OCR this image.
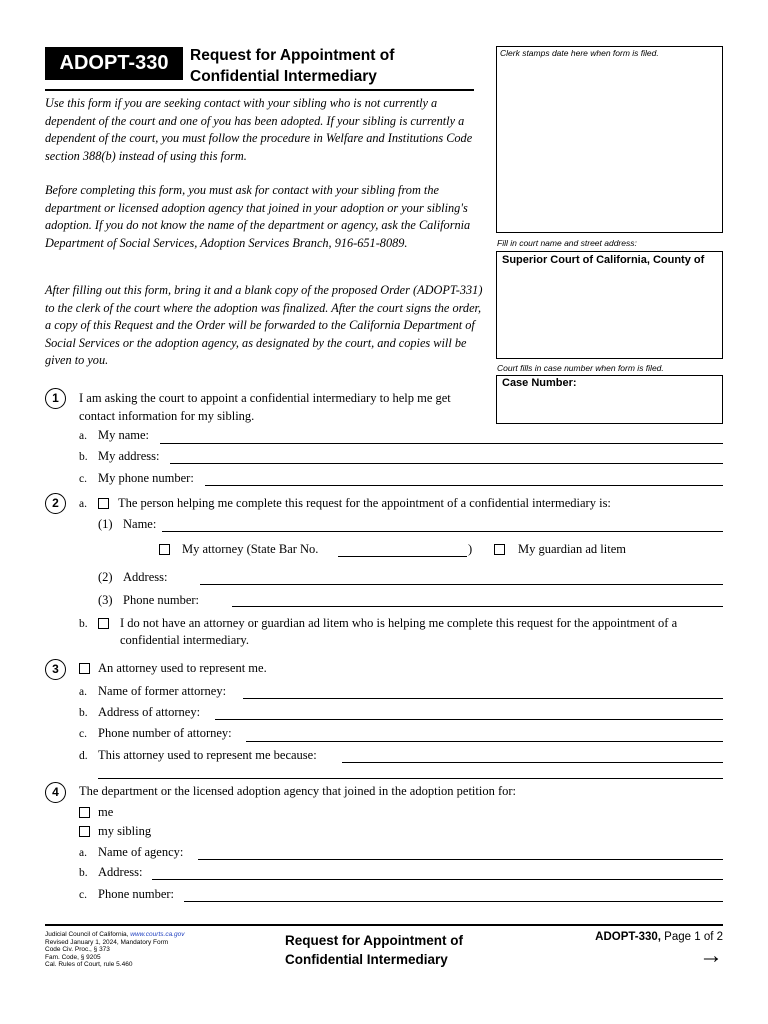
ADOPT-330	Request for Appointment of
Confidential Intermediary

Use this form if you are seeking contact with your sibling who is not currently a dependent of the court and one of you has been adopted. If your sibling is currently a dependent of the court, you must follow the procedure in Welfare and Institutions Code section 388(b) instead of using this form.

Before completing this form, you must ask for contact with your sibling from the department or licensed adoption agency that joined in your adoption or your sibling's adoption. If you do not know the name of the department or agency, ask the California Department of Social Services, Adoption Services Branch, 916-651-8089.

After filling out this form, bring it and a blank copy of the proposed Order (ADOPT-331) to the clerk of the court where the adoption was finalized. After the court signs the order, a copy of this Request and the Order will be forwarded to the California Department of Social Services or the adoption agency, as designated by the court, and copies will be given to you.

Clerk stamps date here when form is filed.
Fill in court name and street address:
Superior Court of California, County of
Court fills in case number when form is filed.
Case Number:
1	I am asking the court to appoint a confidential intermediary to help me get
contact information for my sibling.
a. My name:
b. My address:
c. My phone number:
2	a. The person helping me complete this request for the appointment of a confidential intermediary is:
(1) Name:
My attorney (State Bar No.	)	My guardian ad litem
(2) Address:
(3) Phone number:
b.	I do not have an attorney or guardian ad litem who is helping me complete this request for the appointment of a
confidential intermediary.
3	An attorney used to represent me.
a. Name of former attorney:
b. Address of attorney:
c. Phone number of attorney:
d. This attorney used to represent me because:
4	The department or the licensed adoption agency that joined in the adoption petition for:
me
my sibling
a. Name of agency:
b. Address:
c. Phone number:
Judicial Council of California, www.courts.ca.gov
Revised January 1, 2024, Mandatory Form
Code Civ. Proc., § 373
Fam. Code, § 9205
Cal. Rules of Court, rule 5.460
Request for Appointment of
Confidential Intermediary
ADOPT-330, Page 1 of 2
→
